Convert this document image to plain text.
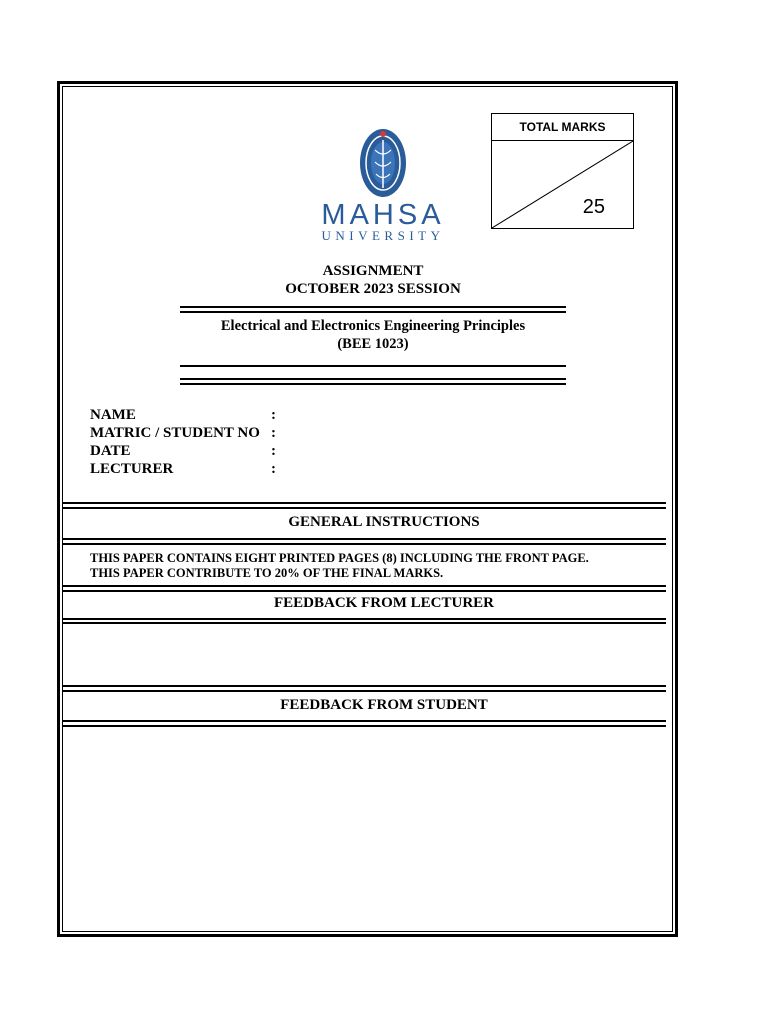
TOTAL MARKS
25
MAHSA
UNIVERSITY
ASSIGNMENT
OCTOBER 2023 SESSION
Electrical and Electronics Engineering Principles
(BEE 1023)
NAME	:
MATRIC / STUDENT NO :
DATE	:
LECTURER	:
GENERAL INSTRUCTIONS
THIS PAPER CONTAINS EIGHT PRINTED PAGES (8) INCLUDING THE FRONT PAGE.
THIS PAPER CONTRIBUTE TO 20% OF THE FINAL MARKS.
FEEDBACK FROM LECTURER
FEEDBACK FROM STUDENT
